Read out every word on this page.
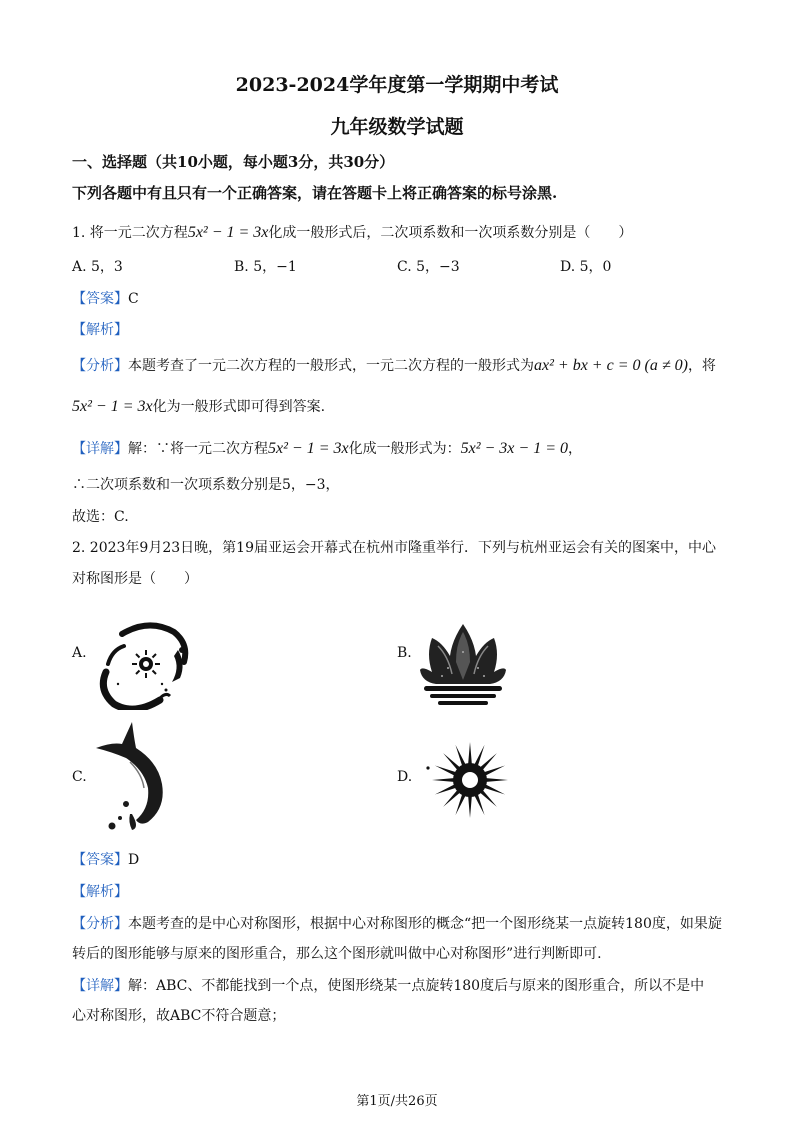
2023-2024学年度第一学期期中考试
九年级数学试题
一、选择题（共10小题，每小题3分，共30分）
下列各题中有且只有一个正确答案，请在答题卡上将正确答案的标号涂黑.
1. 将一元二次方程5x² − 1 = 3x化成一般形式后，二次项系数和一次项系数分别是（　　）
A. 5，3	B. 5，−1	C. 5，−3	D. 5，0
【答案】C
【解析】
【分析】本题考查了一元二次方程的一般形式，一元二次方程的一般形式为ax² + bx + c = 0 (a ≠ 0)，将
5x² − 1 = 3x化为一般形式即可得到答案.
【详解】解：∵将一元二次方程5x² − 1 = 3x化成一般形式为：5x² − 3x − 1 = 0，
∴二次项系数和一次项系数分别是5，−3，
故选：C.
2. 2023年9月23日晚，第19届亚运会开幕式在杭州市隆重举行．下列与杭州亚运会有关的图案中，中心
对称图形是（　　）
A.	B.
C.	D.
【答案】D
【解析】
【分析】本题考查的是中心对称图形，根据中心对称图形的概念“把一个图形绕某一点旋转180度，如果旋
转后的图形能够与原来的图形重合，那么这个图形就叫做中心对称图形”进行判断即可.
【详解】解：ABC、不都能找到一个点，使图形绕某一点旋转180度后与原来的图形重合，所以不是中
心对称图形，故ABC不符合题意；
第1页/共26页
